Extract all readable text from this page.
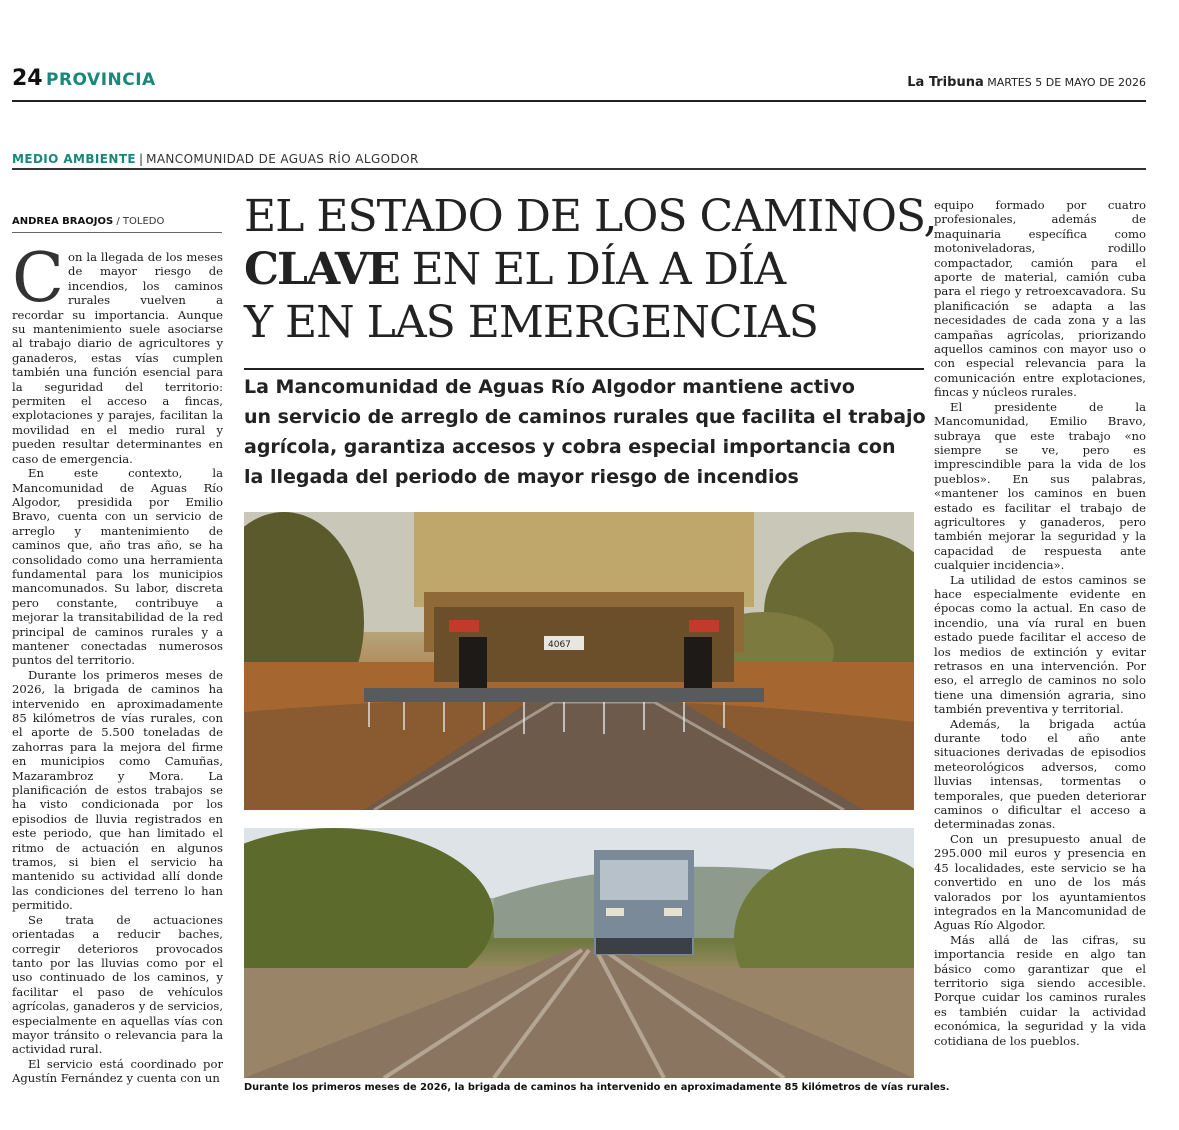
24 PROVINCIA	La Tribuna MARTES 5 DE MAYO DE 2026
MEDIO AMBIENTE | MANCOMUNIDAD DE AGUAS RÍO ALGODOR
ANDREA BRAOJOS / TOLEDO

Con la llegada de los meses de mayor riesgo de incendios, los caminos rurales vuelven a recordar su importancia. Aunque su mantenimiento suele asociarse al trabajo diario de agricultores y ganaderos, estas vías cumplen también una función esencial para la seguridad del territorio: permiten el acceso a fincas, explotaciones y parajes, facilitan la movilidad en el medio rural y pueden resultar determinantes en caso de emergencia.

En este contexto, la Mancomunidad de Aguas Río Algodor, presidida por Emilio Bravo, cuenta con un servicio de arreglo y mantenimiento de caminos que, año tras año, se ha consolidado como una herramienta fundamental para los municipios mancomunados. Su labor, discreta pero constante, contribuye a mejorar la transitabilidad de la red principal de caminos rurales y a mantener conectadas numerosos puntos del territorio.

Durante los primeros meses de 2026, la brigada de caminos ha intervenido en aproximadamente 85 kilómetros de vías rurales, con el aporte de 5.500 toneladas de zahorras para la mejora del firme en municipios como Camuñas, Mazarambroz y Mora. La planificación de estos trabajos se ha visto condicionada por los episodios de lluvia registrados en este periodo, que han limitado el ritmo de actuación en algunos tramos, si bien el servicio ha mantenido su actividad allí donde las condiciones del terreno lo han permitido.

Se trata de actuaciones orientadas a reducir baches, corregir deterioros provocados tanto por las lluvias como por el uso continuado de los caminos, y facilitar el paso de vehículos agrícolas, ganaderos y de servicios, especialmente en aquellas vías con mayor tránsito o relevancia para la actividad rural.

El servicio está coordinado por Agustín Fernández y cuenta con un

EL ESTADO DE LOS CAMINOS,
CLAVE EN EL DÍA A DÍA
Y EN LAS EMERGENCIAS
La Mancomunidad de Aguas Río Algodor mantiene activo
un servicio de arreglo de caminos rurales que facilita el trabajo
agrícola, garantiza accesos y cobra especial importancia con
la llegada del periodo de mayor riesgo de incendios
4067
Durante los primeros meses de 2026, la brigada de caminos ha intervenido en aproximadamente 85 kilómetros de vías rurales.

equipo formado por cuatro profesionales, además de maquinaria específica como motoniveladoras, rodillo compactador, camión para el aporte de material, camión cuba para el riego y retroexcavadora. Su planificación se adapta a las necesidades de cada zona y a las campañas agrícolas, priorizando aquellos caminos con mayor uso o con especial relevancia para la comunicación entre explotaciones, fincas y núcleos rurales.

El presidente de la Mancomunidad, Emilio Bravo, subraya que este trabajo «no siempre se ve, pero es imprescindible para la vida de los pueblos». En sus palabras, «mantener los caminos en buen estado es facilitar el trabajo de agricultores y ganaderos, pero también mejorar la seguridad y la capacidad de respuesta ante cualquier incidencia».

La utilidad de estos caminos se hace especialmente evidente en épocas como la actual. En caso de incendio, una vía rural en buen estado puede facilitar el acceso de los medios de extinción y evitar retrasos en una intervención. Por eso, el arreglo de caminos no solo tiene una dimensión agraria, sino también preventiva y territorial.

Además, la brigada actúa durante todo el año ante situaciones derivadas de episodios meteorológicos adversos, como lluvias intensas, tormentas o temporales, que pueden deteriorar caminos o dificultar el acceso a determinadas zonas.

Con un presupuesto anual de 295.000 mil euros y presencia en 45 localidades, este servicio se ha convertido en uno de los más valorados por los ayuntamientos integrados en la Mancomunidad de Aguas Río Algodor.

Más allá de las cifras, su importancia reside en algo tan básico como garantizar que el territorio siga siendo accesible. Porque cuidar los caminos rurales es también cuidar la actividad económica, la seguridad y la vida cotidiana de los pueblos.
